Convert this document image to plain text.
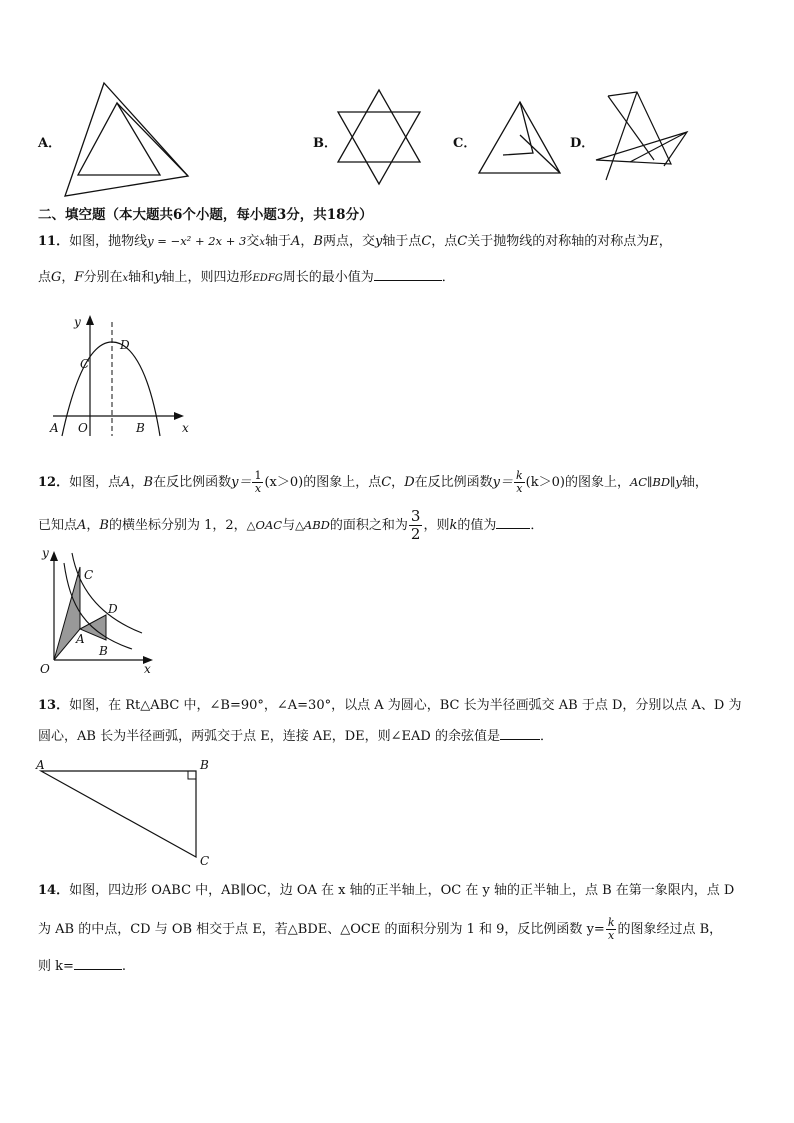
A．	B．	C．	D．
二、填空题（本大题共6个小题，每小题3分，共18分）
11．如图，抛物线y = −x² + 2x + 3交x轴于A，B两点，交y轴于点C，点C关于抛物线的对称轴的对称点为E，
点G，F分别在x轴和y轴上，则四边形EDFG周长的最小值为	．
y
D
C
A O	B	x
12．如图，点A，B在反比例函数$y= \frac{1}{x} (x>0)$的图象上，点C，D在反比例函数$y= \frac{k}{x} (k>0)$的图象上，AC∥BD∥y轴，
已知点A，B的横坐标分别为 1，2，△OAC与△ABD的面积之和为 $\frac{3}{2}$ ，则k的值为	．
y
C
D
A
B
O	x
13．如图，在 Rt△ABC 中，∠B=90°，∠A=30°，以点 A 为圆心，BC 长为半径画弧交 AB 于点 D，分别以点 A、D 为
圆心，AB 长为半径画弧，两弧交于点 E，连接 AE，DE，则∠EAD 的余弦值是	．
A	B
C
14．如图，四边形 OABC 中，AB∥OC，边 OA 在 x 轴的正半轴上，OC 在 y 轴的正半轴上，点 B 在第一象限内，点 D
为 AB 的中点，CD 与 OB 相交于点 E，若△BDE、△OCE 的面积分别为 1 和 9，反比例函数 $y= \frac{k}{x}$ 的图象经过点 B，
则 k=	.
